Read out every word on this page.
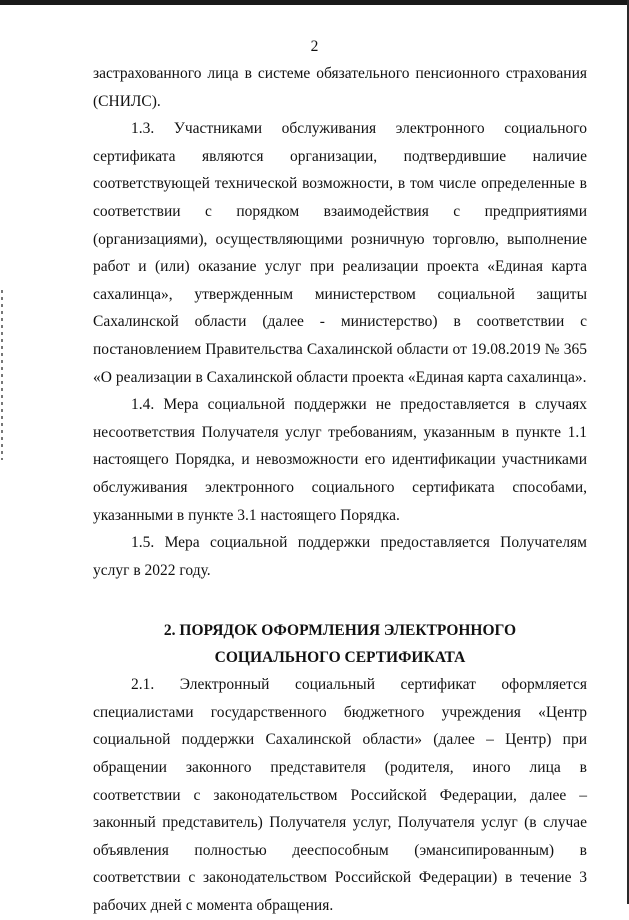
2

застрахованного лица в системе обязательного пенсионного страхования (СНИЛС).

1.3. Участниками обслуживания электронного социального сертификата являются организации, подтвердившие наличие соответствующей технической возможности, в том числе определенные в соответствии с порядком взаимодействия с предприятиями (организациями), осуществляющими розничную торговлю, выполнение работ и (или) оказание услуг при реализации проекта «Единая карта сахалинца», утвержденным министерством социальной защиты Сахалинской области (далее - министерство) в соответствии с постановлением Правительства Сахалинской области от 19.08.2019 № 365 «О реализации в Сахалинской области проекта «Единая карта сахалинца».

1.4. Мера социальной поддержки не предоставляется в случаях несоответствия Получателя услуг требованиям, указанным в пункте 1.1 настоящего Порядка, и невозможности его идентификации участниками обслуживания электронного социального сертификата способами, указанными в пункте 3.1 настоящего Порядка.

1.5. Мера социальной поддержки предоставляется Получателям услуг в 2022 году.

2. ПОРЯДОК ОФОРМЛЕНИЯ ЭЛЕКТРОННОГО
СОЦИАЛЬНОГО СЕРТИФИКАТА

2.1. Электронный социальный сертификат оформляется специалистами государственного бюджетного учреждения «Центр социальной поддержки Сахалинской области» (далее – Центр) при обращении законного представителя (родителя, иного лица в соответствии с законодательством Российской Федерации, далее – законный представитель) Получателя услуг, Получателя услуг (в случае объявления полностью дееспособным (эмансипированным) в соответствии с законодательством Российской Федерации) в течение 3 рабочих дней с момента обращения.
